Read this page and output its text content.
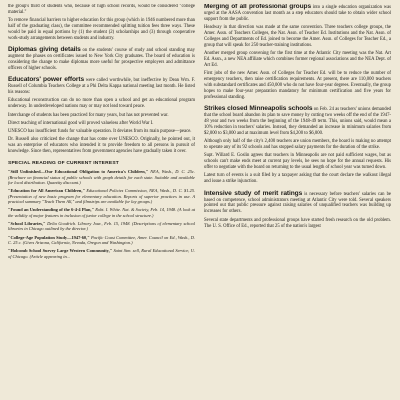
the group's third of students who, because of high school records, would be considered "college material."

To remove financial barriers to higher education for this group (which in 1946 numbered more than half of the graduating class), the committee recommended splitting tuition fees three ways. These would be paid in equal portions by (1) the student (2) scholarships and (3) through cooperative work-study arrangements between students and industry.

Diplomas giving details on the students' course of study and school standing may augment the phases on certificates issued to New York City graduates. The board of education is considering the change to make diplomas more useful for prospective employers and admittance officers of higher schools.

Educators' power efforts were called worthwhile, but ineffective by Dean Wm. F. Russell of Columbia Teachers College at a Phi Delta Kappa national meeting last month. He listed his reasons:

Educational reconstruction can do no more than open a school and get an educational program underway. In underdeveloped nations may or may not lead toward peace.

Interchange of students has been practiced for many years, but has not prevented war.

Direct teaching of international good will proved valueless after World War I.

UNESCO has insufficient funds for valuable operation. It deviates from its main purpose—peace.

Dr. Russell also criticized the change that has come over UNESCO. Originally, he pointed out, it was an enterprise of educators who intended it to provide freedom to all persons in pursuit of knowledge. Since then, representatives from government agencies have gradually taken it over.

SPECIAL READING OF CURRENT INTEREST

"Still Unfinished—Our Educational Obligation to America's Children," NEA, Wash., D. C. 25c. (Brochure on financial status of public schools with graph details for each state. Suitable and available for local distribution. Quantity discount.)

"Education for All American Children," Educational Policies Commission, NEA, Wash., D. C. $1.25. (Presentation of new basic program for elementary education. Reports of superior practices in use. A practical summary "Teach Them All," and filmstrips are available for lay groups.)

"Found an Understanding of the 6-4-4 Plan," Robt. I. White. Nat. & Society, Feb. 14, 1948. (A look at the validity of major features in inclusion of junior college in the school structure.)

"School Libraries," Delia Goodrich. Library Jour., Feb. 15, 1948. (Descriptions of elementary school libraries in Chicago outlined by the director.)

"College-Age Population Study—1947-60," Pacific Coast Committee, Amer. Council on Ed., Wash., D. C. 25 c. (Gives Arizona, California, Nevada, Oregon and Washington.)

"Holcomb School Survey Large Western Community," Saint Stm. sell, Rural Educational Service, U. of Chicago. (Article appearing in...

Merging of all professional groups into a single education organization was urged at the AASA convention last month as a step educators should take to obtain wider school support from the public.

Headway in that direction was made at the same convention. Three teachers college groups, the Amer. Assn. of Teachers Colleges, the Nat. Assn. of Teacher Ed. Institutions and the Nat. Assn. of Colleges and Departments of Ed. joined to become the Amer. Assn. of Colleges for Teacher Ed., a group that will speak for 250 teacher-training institutions.

Another merged group convening for the first time at the Atlantic City meeting was the Nat. Art Ed. Assn., a new NEA affiliate which combines former regional associations and the NEA Dept. of Art Ed.

First jobs of the new Amer. Assn. of Colleges for Teacher Ed. will be to reduce the number of emergency teachers, then raise certification requirements. At present, there are 110,000 teachers with substandard certificates and 450,000 who do not have four-year degrees. Eventually, the group hopes to make four-year preparation mandatory for minimum certification and five years for professional standing.

Strikes closed Minneapolis schools on Feb. 24 as teachers' unions demanded that the school board abandon its plan to save money by cutting two weeks off the end of the 1947-48 year and two weeks from the beginning of the 1948-49 term. This, unions said, would mean a 10% reduction in teachers' salaries. Instead, they demanded an increase in minimum salaries from $2,000 to $3,000 and at maximum level from $4,200 to $6,000.

Although only half of the city's 2,400 teachers are union members, the board is making no attempt to operate any of its 92 schools and has stopped salary payments for the duration of the strike.

Supt. Willard E. Goslin agrees that teachers in Minneapolis are not paid sufficient wages, but as schools can't make ends meet at current pay levels, he sees no hope for the annual requests. His offer to negotiate with the board on returning to the usual length of school year was turned down.

Latest turn of events is a suit filed by a taxpayer asking that the court declare the walkout illegal and issue a strike injunction.

Intensive study of merit ratings is necessary before teachers' salaries can be based on competence, school administrators meeting at Atlantic City were told. Several speakers pointed out that public pressure against raising salaries of unqualified teachers was building up increases for others.

Several state departments and professional groups have started fresh research on the old problem. The U. S. Office of Ed., reported that 25 of the nation's largest
